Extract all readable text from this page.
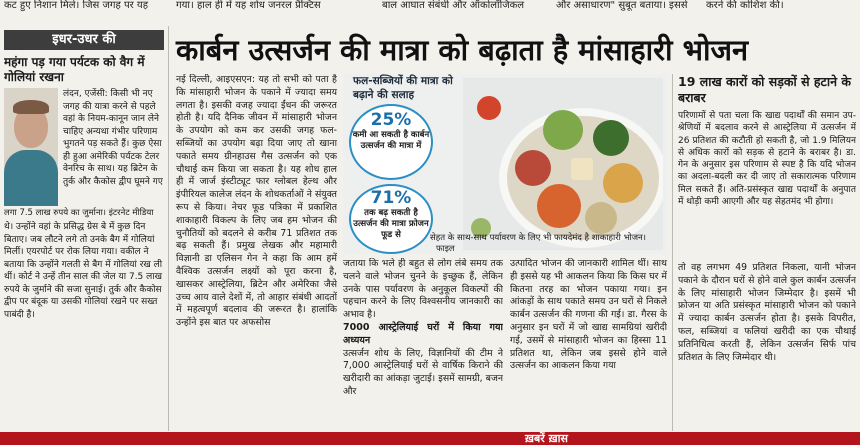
कट हुए निशान मिले। जिस जगह पर यह	गया। हाल ही में यह शोध जनरल प्रैक्टिस	बाल आघात संबंधी और ऑकोलॉजिकल	और असाधारण" सुबूत बताया। इससे करने की कोशिश की।
इधर-उधर की
महंगा पड़ गया पर्यटक को वैग में गोलियां रखना
लंदन, एजेंसी: किसी भी नए जगह की यात्रा करने से पहले वहां के नियम-कानून जान लेने चाहिए अन्यथा गंभीर परिणाम भुगतने पड़ सकते हैं। कुछ ऐसा ही हुआ अमेरिकी पर्यटक टेलर वेनरिच के साथ। यह ब्रिटेन के तुर्क और कैकोस द्वीप घूमने गए
लगा 7.5 लाख रुपये का जुर्माना। इंटरनेट मीडिया
थे। उन्होंने वहां के प्रसिद्ध ग्रेस बे में कुछ दिन बिताए। जब लौटने लगे तो उनके बैग में गोलियां मिलीं। एयरपोर्ट पर रोक लिया गया। वकील ने बताया कि उन्होंने गलती से बैग में गोलियां रख ली थीं। कोर्ट ने उन्हें तीन साल की जेल या 7.5 लाख रुपये के जुर्माने की सजा सुनाई। तुर्क और कैकोस द्वीप पर बंदूक या उसकी गोलियां रखने पर सख्त पाबंदी है।
कार्बन उत्सर्जन की मात्रा को बढ़ाता है मांसाहारी भोजन
नई दिल्ली, आइएसएन: यह तो सभी को पता है कि मांसाहारी भोजन के पकाने में ज्यादा समय लगता है। इसकी वजह ज्यादा ईंधन की जरूरत होती है। यदि दैनिक जीवन में मांसाहारी भोजन के उपयोग को कम कर उसकी जगह फल-सब्जियों का उपयोग बढ़ा दिया जाए तो खाना पकाते समय ग्रीनहाउस गैस उत्सर्जन को एक चौथाई कम किया जा सकता है। यह शोध हाल ही में जार्ज इंस्टीट्यूट फार ग्लोबल हेल्थ और इंपीरियल कालेज लंदन के शोधकर्ताओं ने संयुक्त रूप से किया। नेचर फूड पत्रिका में प्रकाशित शाकाहारी विकल्प के लिए जब हम भोजन की चुनौतियों को बदलने से करीब 71 प्रतिशत तक बढ़ सकती हैं। प्रमुख लेखक और महामारी विज्ञानी डा एलिसन गेन ने कहा कि आम हमें वैश्विक उत्सर्जन लक्ष्यों को पूरा करना है, खासकर आस्ट्रेलिया, ब्रिटेन और अमेरिका जैसे उच्च आय वाले देशों में, तो आहार संबंधी आदतों में महत्वपूर्ण बदलाव की जरूरत है। हालांकि उन्होंने इस बात पर अफसोस
फल-सब्जियों की मात्रा को बढ़ाने की सलाह
25%
कमी आ सकती है कार्बन उत्सर्जन की मात्रा में
71%
तक बढ़ सकती है उत्सर्जन की मात्रा फ्रोजन फूड से	सेहत के साथ-साथ पर्यावरण के लिए भी फायदेमंद है शाकाहारी भोजन। फाइल
जताया कि भले ही बहुत से लोग लंबे समय तक चलने वाले भोजन चुनने के इच्छुक हैं, लेकिन उनके पास पर्यावरण के अनुकूल विकल्पों की पहचान करने के लिए विश्वसनीय जानकारी का अभाव है।
7000 आस्ट्रेलियाई घरों में किया गया अध्ययन
उत्सर्जन शोध के लिए, विज्ञानियों की टीम ने 7,000 आस्ट्रेलियाई घरों से वार्षिक किराने की खरीदारी का आंकड़ा जुटाई। इसमें सामग्री, बजन और
उत्पादित भोजन की जानकारी शामिल थीं। साथ ही इससे यह भी आकलन किया कि किस घर में कितना तरह का भोजन पकाया गया। इन आंकड़ों के साथ पकाते समय उन घरों से निकले कार्बन उत्सर्जन की गणना की गई। डा. गैरस के अनुसार इन घरों में जो खाद्य सामग्रियां खरीदी गई, उसमें से मांसाहारी भोजन का हिस्सा 11 प्रतिशत था, लेकिन जब इससे होने वाले उत्सर्जन का आकलन किया गया
19 लाख कारों को सड़कों से हटाने के बराबर
परिणामों से पता चला कि खाद्य पदार्थों की समान उप-श्रेणियों में बदलाव करने से आस्ट्रेलिया में उत्सर्जन में 26 प्रतिशत की कटौती हो सकती है, जो 1.9 मिलियन से अधिक कारों को सड़क से हटाने के बराबर है। डा. गेन के अनुसार इस परिणाम से स्पष्ट है कि यदि भोजन का अदला-बदली कर दी जाए तो सकारात्मक परिणाम मिल सकते हैं। अति-प्रसंस्कृत खाद्य पदार्थों के अनुपात में थोड़ी कमी आएगी और यह सेहतमंद भी होगा।
तो वह लगभग 49 प्रतिशत निकला, यानी भोजन पकाने के दौरान घरों से होने वाले कुल कार्बन उत्सर्जन के लिए मांसाहारी भोजन जिम्मेदार है। इसमें भी फ्रोजन या अति प्रसंस्कृत मांसाहारी भोजन को पकाने में ज्यादा कार्बन उत्सर्जन होता है। इसके विपरीत, फल, सब्जियां व फलियां खरीदी का एक चौथाई प्रतिनिधित्व करती हैं, लेकिन उत्सर्जन सिर्फ पांच प्रतिशत के लिए जिम्मेदार थी।
ख़बरें ख़ास
